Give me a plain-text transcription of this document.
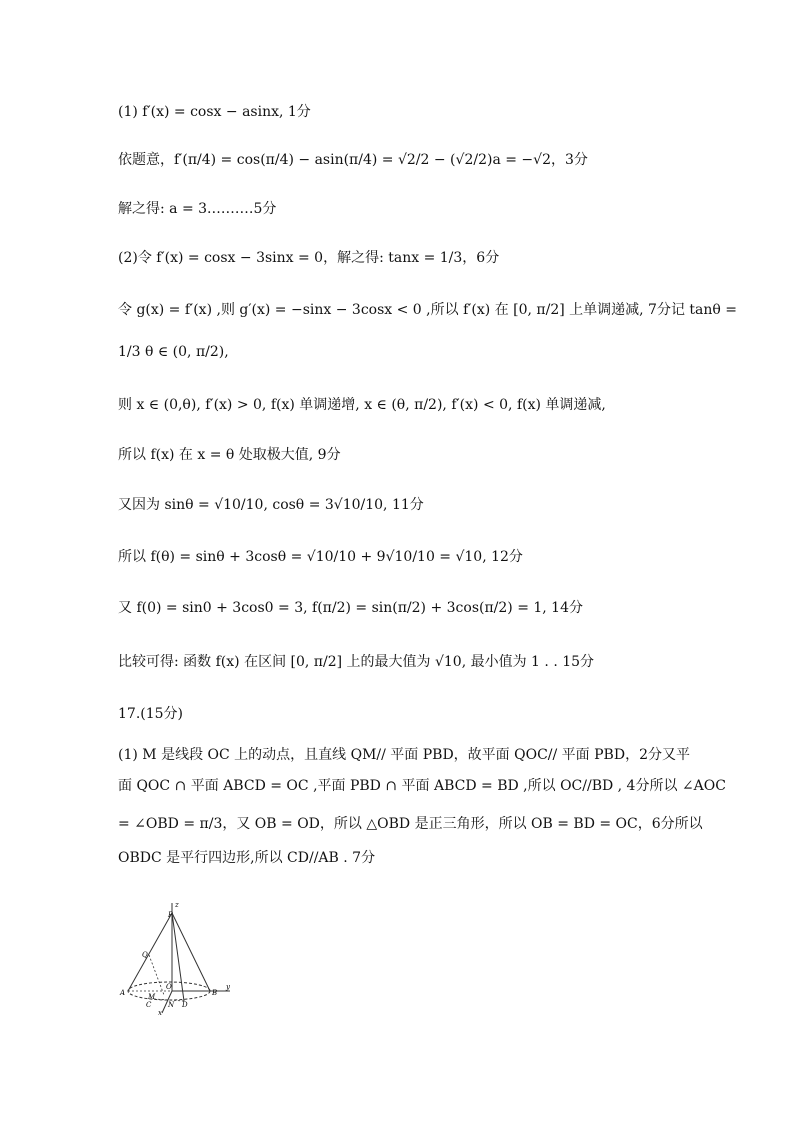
(1) f′(x) = cosx − asinx, 1分
依题意，f′(π/4) = cos(π/4) − asin(π/4) = √2/2 − (√2/2)a = −√2，3分
解之得: a = 3.………5分
(2)令 f′(x) = cosx − 3sinx = 0，解之得: tanx = 1/3，6分
令 g(x) = f′(x) ,则 g′(x) = −sinx − 3cosx < 0 ,所以 f′(x) 在 [0, π/2] 上单调递减, 7分记 tanθ =
1/3 θ ∈ (0, π/2),
则 x ∈ (0,θ), f′(x) > 0, f(x) 单调递增, x ∈ (θ, π/2), f′(x) < 0, f(x) 单调递减,
所以 f(x) 在 x = θ 处取极大值, 9分
又因为 sinθ = √10/10, cosθ = 3√10/10, 11分
所以 f(θ) = sinθ + 3cosθ = √10/10 + 9√10/10 = √10, 12分
又 f(0) = sin0 + 3cos0 = 3, f(π/2) = sin(π/2) + 3cos(π/2) = 1, 14分
比较可得: 函数 f(x) 在区间 [0, π/2] 上的最大值为 √10, 最小值为 1 . . 15分
17.(15分)
(1) M 是线段 OC 上的动点，且直线 QM// 平面 PBD，故平面 QOC// 平面 PBD，2分又平
面 QOC ∩ 平面 ABCD = OC ,平面 PBD ∩ 平面 ABCD = BD ,所以 OC//BD , 4分所以 ∠AOC
= ∠OBD = π/3，又 OB = OD，所以 △OBD 是正三角形，所以 OB = BD = OC，6分所以
OBDC 是平行四边形,所以 CD//AB . 7分
z
P
Q
A	M
O
B
C N D
y
x
